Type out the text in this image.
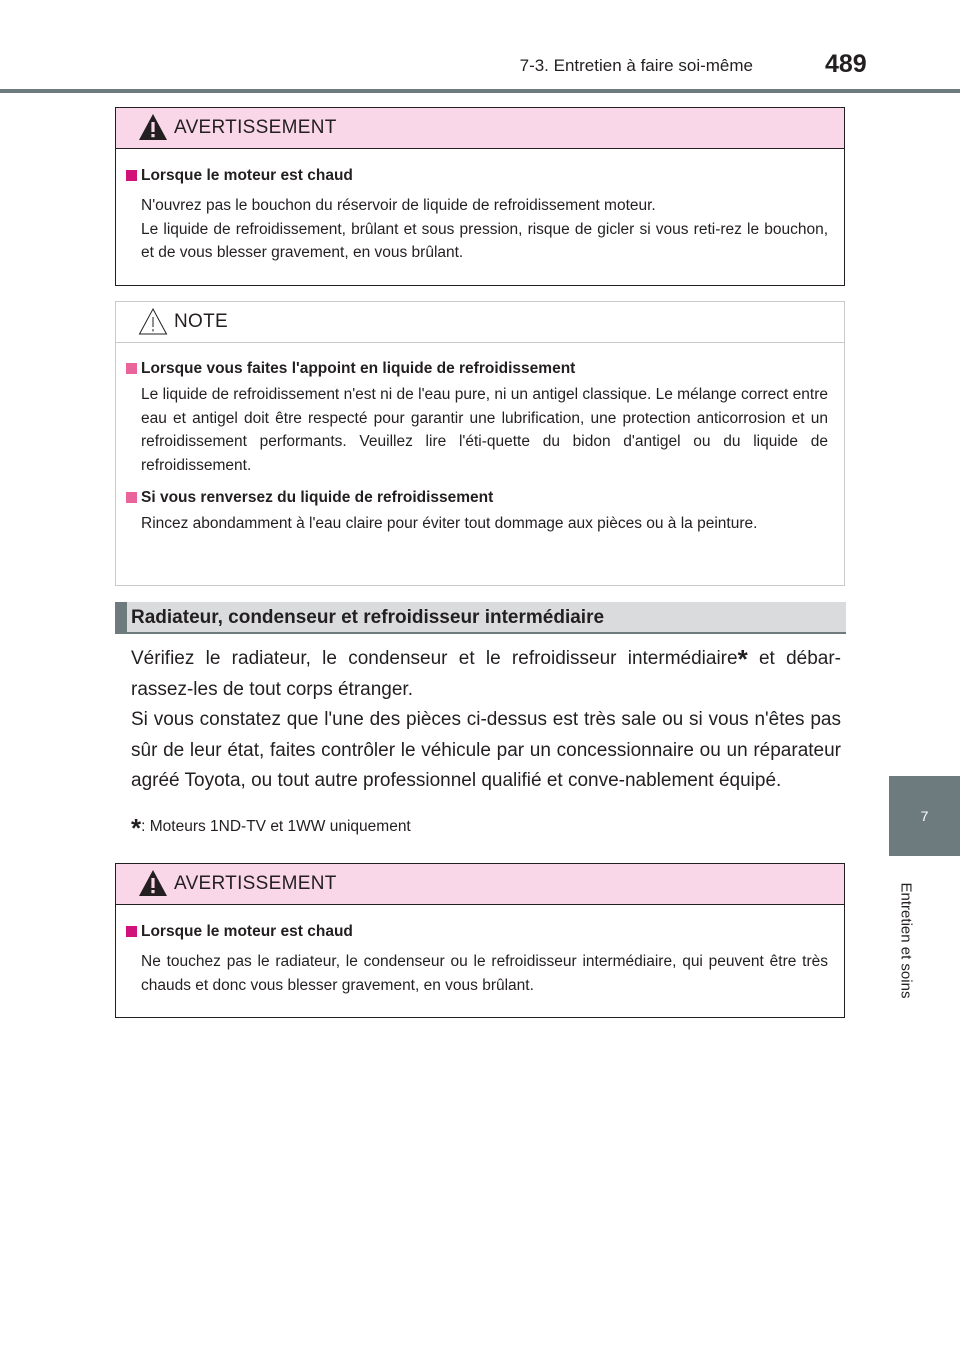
7-3. Entretien à faire soi-même	489
7
Entretien et soins
AVERTISSEMENT
Lorsque le moteur est chaud

N'ouvrez pas le bouchon du réservoir de liquide de refroidissement moteur.

Le liquide de refroidissement, brûlant et sous pression, risque de gicler si vous reti-rez le bouchon, et de vous blesser gravement, en vous brûlant.

NOTE
Lorsque vous faites l'appoint en liquide de refroidissement
Le liquide de refroidissement n'est ni de l'eau pure, ni un antigel classique. Le mélange correct entre eau et antigel doit être respecté pour garantir une lubrification, une protection anticorrosion et un refroidissement performants. Veuillez lire l'éti-quette du bidon d'antigel ou du liquide de refroidissement.
Si vous renversez du liquide de refroidissement
Rincez abondamment à l'eau claire pour éviter tout dommage aux pièces ou à la peinture.
Radiateur, condenseur et refroidisseur intermédiaire

Vérifiez le radiateur, le condenseur et le refroidisseur intermédiaire* et débar-rassez-les de tout corps étranger.

Si vous constatez que l'une des pièces ci-dessus est très sale ou si vous n'êtes pas sûr de leur état, faites contrôler le véhicule par un concessionnaire ou un réparateur agréé Toyota, ou tout autre professionnel qualifié et conve-nablement équipé.

*: Moteurs 1ND-TV et 1WW uniquement
AVERTISSEMENT
Lorsque le moteur est chaud
Ne touchez pas le radiateur, le condenseur ou le refroidisseur intermédiaire, qui peuvent être très chauds et donc vous blesser gravement, en vous brûlant.
